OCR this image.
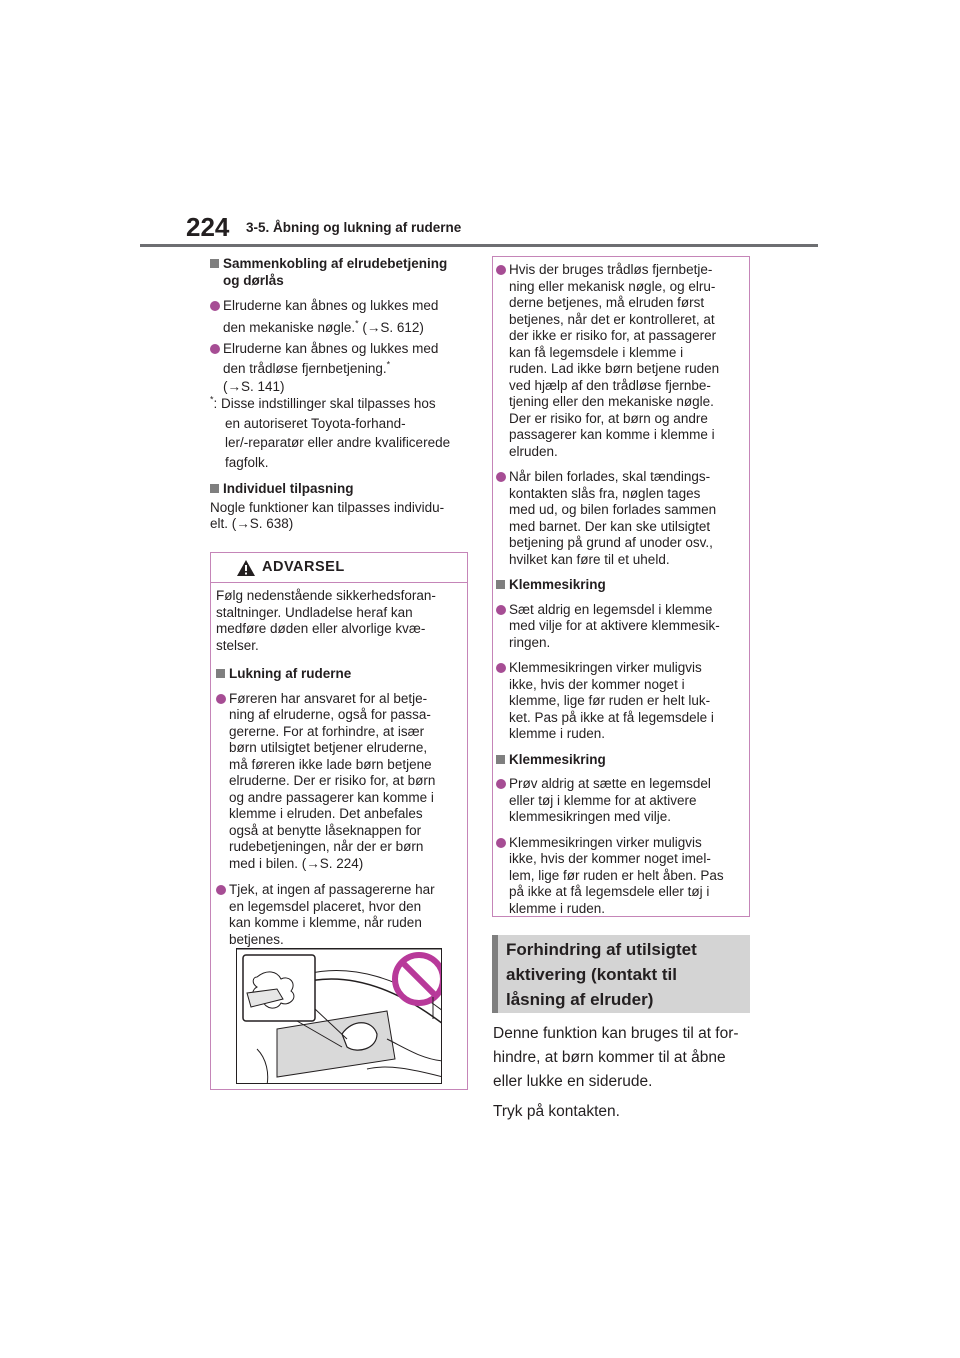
224 3-5. Åbning og lukning af ruderne
Sammenkobling af elrudebetjening
og dørlås
Elruderne kan åbnes og lukkes med
den mekaniske nøgle.* (→S. 612)
Elruderne kan åbnes og lukkes med
den trådløse fjernbetjening.*
(→S. 141)
*: Disse indstillinger skal tilpasses hos
en autoriseret Toyota-forhand-
ler/-reparatør eller andre kvalificerede
fagfolk.
Individuel tilpasning
Nogle funktioner kan tilpasses individu-
elt. (→S. 638)
ADVARSEL
Følg nedenstående sikkerhedsforan-
staltninger. Undladelse heraf kan
medføre døden eller alvorlige kvæ-
stelser.
Lukning af ruderne
Føreren har ansvaret for al betje-
ning af elruderne, også for passa-
gererne. For at forhindre, at især
børn utilsigtet betjener elruderne,
må føreren ikke lade børn betjene
elruderne. Der er risiko for, at børn
og andre passagerer kan komme i
klemme i elruden. Det anbefales
også at benytte låseknappen for
rudebetjeningen, når der er børn
med i bilen. (→S. 224)
Tjek, at ingen af passagererne har
en legemsdel placeret, hvor den
kan komme i klemme, når ruden
betjenes.
Hvis der bruges trådløs fjernbetje-
ning eller mekanisk nøgle, og elru-
derne betjenes, må elruden først
betjenes, når det er kontrolleret, at
der ikke er risiko for, at passagerer
kan få legemsdele i klemme i
ruden. Lad ikke børn betjene ruden
ved hjælp af den trådløse fjernbe-
tjening eller den mekaniske nøgle.
Der er risiko for, at børn og andre
passagerer kan komme i klemme i
elruden.
Når bilen forlades, skal tændings-
kontakten slås fra, nøglen tages
med ud, og bilen forlades sammen
med barnet. Der kan ske utilsigtet
betjening på grund af unoder osv.,
hvilket kan føre til et uheld.
Klemmesikring
Sæt aldrig en legemsdel i klemme
med vilje for at aktivere klemmesik-
ringen.
Klemmesikringen virker muligvis
ikke, hvis der kommer noget i
klemme, lige før ruden er helt luk-
ket. Pas på ikke at få legemsdele i
klemme i ruden.
Klemmesikring
Prøv aldrig at sætte en legemsdel
eller tøj i klemme for at aktivere
klemmesikringen med vilje.
Klemmesikringen virker muligvis
ikke, hvis der kommer noget imel-
lem, lige før ruden er helt åben. Pas
på ikke at få legemsdele eller tøj i
klemme i ruden.
Forhindring af utilsigtet
aktivering (kontakt til
låsning af elruder)
Denne funktion kan bruges til at for-
hindre, at børn kommer til at åbne
eller lukke en siderude.
Tryk på kontakten.
